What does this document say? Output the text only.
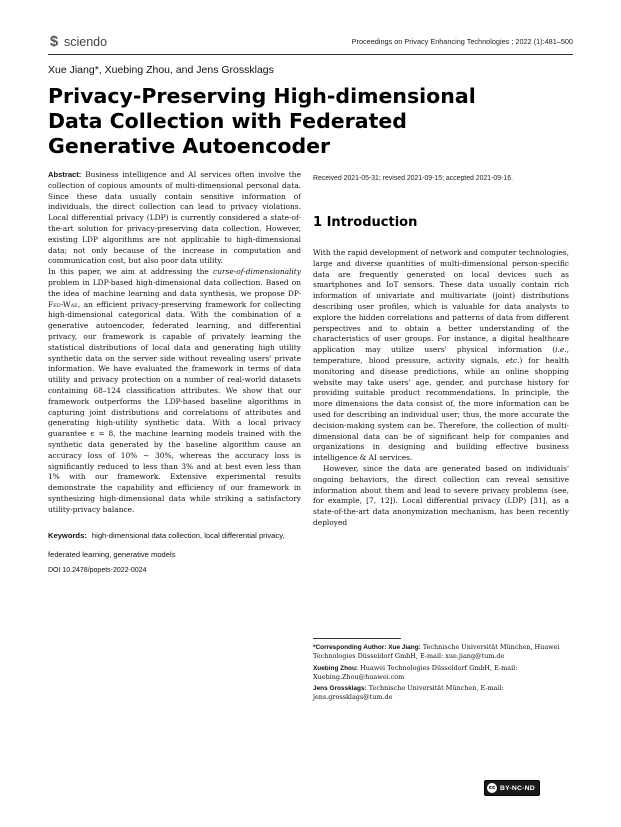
$ sciendo	Proceedings on Privacy Enhancing Technologies ; 2022 (1):481–500
Xue Jiang*, Xuebing Zhou, and Jens Grossklags
Privacy-Preserving High-dimensional Data Collection with Federated Generative Autoencoder

Abstract: Business intelligence and AI services often involve the collection of copious amounts of multi-dimensional personal data. Since these data usually contain sensitive information of individuals, the direct collection can lead to privacy violations. Local differential privacy (LDP) is currently considered a state-of-the-art solution for privacy-preserving data collection. However, existing LDP algorithms are not applicable to high-dimensional data; not only because of the increase in computation and communication cost, but also poor data utility.

In this paper, we aim at addressing the curse-of-dimensionality problem in LDP-based high-dimensional data collection. Based on the idea of machine learning and data synthesis, we propose DP-Fed-Wae, an efficient privacy-preserving framework for collecting high-dimensional categorical data. With the combination of a generative autoencoder, federated learning, and differential privacy, our framework is capable of privately learning the statistical distributions of local data and generating high utility synthetic data on the server side without revealing users' private information. We have evaluated the framework in terms of data utility and privacy protection on a number of real-world datasets containing 68–124 classification attributes. We show that our framework outperforms the LDP-based baseline algorithms in capturing joint distributions and correlations of attributes and generating high-utility synthetic data. With a local privacy guarantee ϵ = 8, the machine learning models trained with the synthetic data generated by the baseline algorithm cause an accuracy loss of 10% ∼ 30%, whereas the accuracy loss is significantly reduced to less than 3% and at best even less than 1% with our framework. Extensive experimental results demonstrate the capability and efficiency of our framework in synthesizing high-dimensional data while striking a satisfactory utility-privacy balance.

Keywords: high-dimensional data collection, local differential privacy, federated learning, generative models
DOI 10.2478/popets-2022-0024
Received 2021-05-31; revised 2021-09-15; accepted 2021-09-16.
1 Introduction

With the rapid development of network and computer technologies, large and diverse quantities of multi-dimensional person-specific data are frequently generated on local devices such as smartphones and IoT sensors. These data usually contain rich information of univariate and multivariate (joint) distributions describing user profiles, which is valuable for data analysts to explore the hidden correlations and patterns of data from different perspectives and to obtain a better understanding of the characteristics of user groups. For instance, a digital healthcare application may utilize users' physical information (i.e., temperature, blood pressure, activity signals, etc.) for health monitoring and disease predictions, while an online shopping website may take users' age, gender, and purchase history for providing suitable product recommendations. In principle, the more dimensions the data consist of, the more information can be used for describing an individual user; thus, the more accurate the decision-making system can be. Therefore, the collection of multi-dimensional data can be of significant help for companies and organizations in designing and building effective business intelligence & AI services.

However, since the data are generated based on individuals' ongoing behaviors, the direct collection can reveal sensitive information about them and lead to severe privacy problems (see, for example, [7, 12]). Local differential privacy (LDP) [31], as a state-of-the-art data anonymization mechanism, has been recently deployed

*Corresponding Author: Xue Jiang: Technische Universität München, Huawei Technologies Düsseldorf GmbH, E-mail: xue.jiang@tum.de

Xuebing Zhou: Huawei Technologies Düsseldorf GmbH, E-mail: Xuebing.Zhou@huawei.com

Jens Grossklags: Technische Universität München, E-mail: jens.grossklags@tum.de

cc BY-NC-ND
